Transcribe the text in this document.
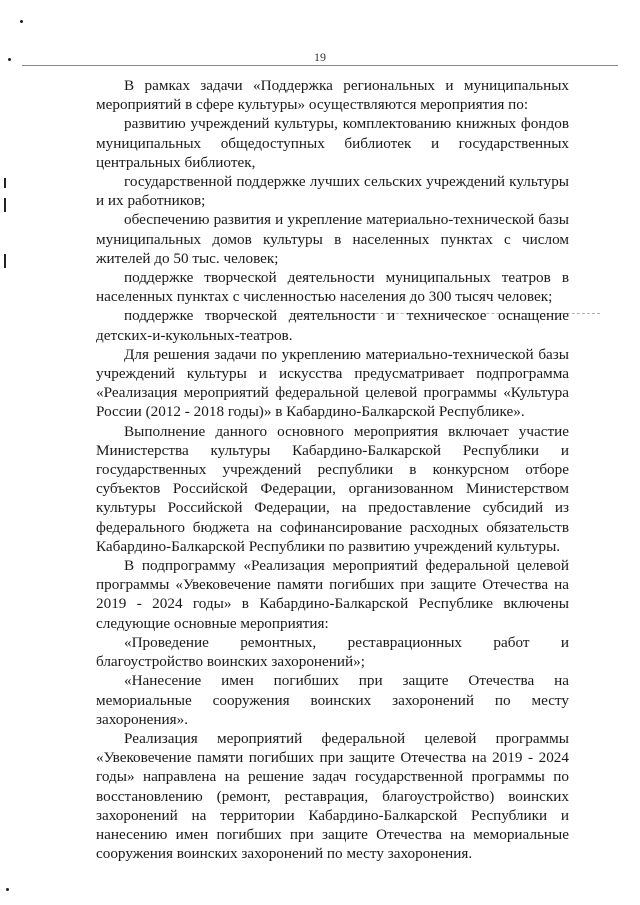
19

В рамках задачи «Поддержка региональных и муниципальных мероприятий в сфере культуры» осуществляются мероприятия по:

развитию учреждений культуры, комплектованию книжных фондов муниципальных общедоступных библиотек и государственных центральных библиотек,

государственной поддержке лучших сельских учреждений культуры и их работников;

обеспечению развития и укрепление материально-технической базы муниципальных домов культуры в населенных пунктах с числом жителей до 50 тыс. человек;

поддержке творческой деятельности муниципальных театров в населенных пунктах с численностью населения до 300 тысяч человек;

поддержке творческой деятельности и техническое оснащение детских-и-кукольных-театров.

Для решения задачи по укреплению материально-технической базы учреждений культуры и искусства предусматривает подпрограмма «Реализация мероприятий федеральной целевой программы «Культура России (2012 - 2018 годы)» в Кабардино-Балкарской Республике».

Выполнение данного основного мероприятия включает участие Министерства культуры Кабардино-Балкарской Республики и государственных учреждений республики в конкурсном отборе субъектов Российской Федерации, организованном Министерством культуры Российской Федерации, на предоставление субсидий из федерального бюджета на софинансирование расходных обязательств Кабардино-Балкарской Республики по развитию учреждений культуры.

В подпрограмму «Реализация мероприятий федеральной целевой программы «Увековечение памяти погибших при защите Отечества на 2019 - 2024 годы» в Кабардино-Балкарской Республике включены следующие основные мероприятия:

«Проведение ремонтных, реставрационных работ и благоустройство воинских захоронений»;

«Нанесение имен погибших при защите Отечества на мемориальные сооружения воинских захоронений по месту захоронения».

Реализация мероприятий федеральной целевой программы «Увековечение памяти погибших при защите Отечества на 2019 - 2024 годы» направлена на решение задач государственной программы по восстановлению (ремонт, реставрация, благоустройство) воинских захоронений на территории Кабардино-Балкарской Республики и нанесению имен погибших при защите Отечества на мемориальные сооружения воинских захоронений по месту захоронения.
